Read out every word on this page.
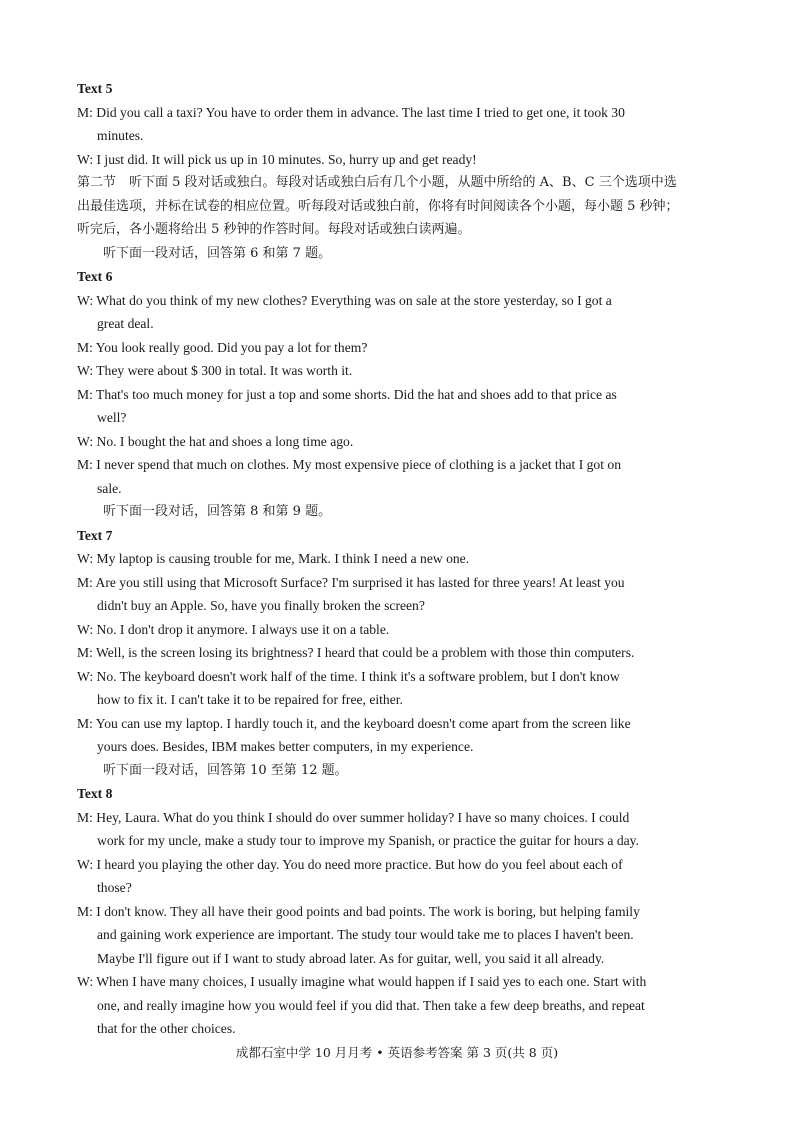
Text 5
M: Did you call a taxi? You have to order them in advance. The last time I tried to get one, it took 30
minutes.
W: I just did. It will pick us up in 10 minutes. So, hurry up and get ready!
第二节　听下面 5 段对话或独白。每段对话或独白后有几个小题，从题中所给的 A、B、C 三个选项中选
出最佳选项，并标在试卷的相应位置。听每段对话或独白前，你将有时间阅读各个小题，每小题 5 秒钟；
听完后，各小题将给出 5 秒钟的作答时间。每段对话或独白读两遍。
听下面一段对话，回答第 6 和第 7 题。
Text 6
W: What do you think of my new clothes? Everything was on sale at the store yesterday, so I got a
great deal.
M: You look really good. Did you pay a lot for them?
W: They were about $ 300 in total. It was worth it.
M: That's too much money for just a top and some shorts. Did the hat and shoes add to that price as
well?
W: No. I bought the hat and shoes a long time ago.
M: I never spend that much on clothes. My most expensive piece of clothing is a jacket that I got on
sale.
听下面一段对话，回答第 8 和第 9 题。
Text 7
W: My laptop is causing trouble for me, Mark. I think I need a new one.
M: Are you still using that Microsoft Surface? I'm surprised it has lasted for three years! At least you
didn't buy an Apple. So, have you finally broken the screen?
W: No. I don't drop it anymore. I always use it on a table.
M: Well, is the screen losing its brightness? I heard that could be a problem with those thin computers.
W: No. The keyboard doesn't work half of the time. I think it's a software problem, but I don't know
how to fix it. I can't take it to be repaired for free, either.
M: You can use my laptop. I hardly touch it, and the keyboard doesn't come apart from the screen like
yours does. Besides, IBM makes better computers, in my experience.
听下面一段对话，回答第 10 至第 12 题。
Text 8
M: Hey, Laura. What do you think I should do over summer holiday? I have so many choices. I could
work for my uncle, make a study tour to improve my Spanish, or practice the guitar for hours a day.
W: I heard you playing the other day. You do need more practice. But how do you feel about each of
those?
M: I don't know. They all have their good points and bad points. The work is boring, but helping family
and gaining work experience are important. The study tour would take me to places I haven't been.
Maybe I'll figure out if I want to study abroad later. As for guitar, well, you said it all already.
W: When I have many choices, I usually imagine what would happen if I said yes to each one. Start with
one, and really imagine how you would feel if you did that. Then take a few deep breaths, and repeat
that for the other choices.
成都石室中学 10 月月考 • 英语参考答案 第 3 页(共 8 页)
